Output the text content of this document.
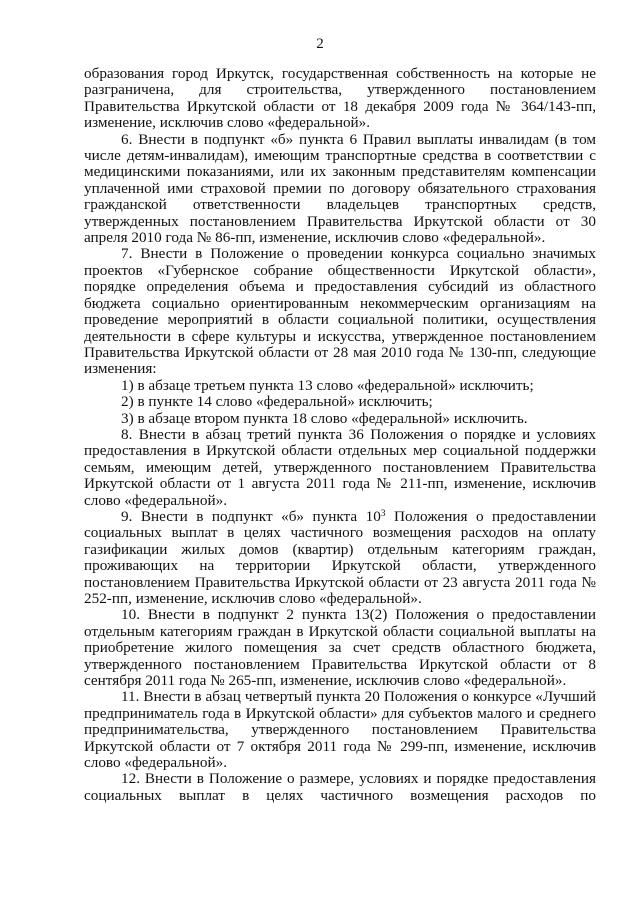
2

образования город Иркутск, государственная собственность на которые не разграничена, для строительства, утвержденного постановлением Правительства Иркутской области от 18 декабря 2009 года № 364/143-пп, изменение, исключив слово «федеральной».

6. Внести в подпункт «б» пункта 6 Правил выплаты инвалидам (в том числе детям-инвалидам), имеющим транспортные средства в соответствии с медицинскими показаниями, или их законным представителям компенсации уплаченной ими страховой премии по договору обязательного страхования гражданской ответственности владельцев транспортных средств, утвержденных постановлением Правительства Иркутской области от 30 апреля 2010 года № 86-пп, изменение, исключив слово «федеральной».

7. Внести в Положение о проведении конкурса социально значимых проектов «Губернское собрание общественности Иркутской области», порядке определения объема и предоставления субсидий из областного бюджета социально ориентированным некоммерческим организациям на проведение мероприятий в области социальной политики, осуществления деятельности в сфере культуры и искусства, утвержденное постановлением Правительства Иркутской области от 28 мая 2010 года № 130-пп, следующие изменения:

1) в абзаце третьем пункта 13 слово «федеральной» исключить;

2) в пункте 14 слово «федеральной» исключить;

3) в абзаце втором пункта 18 слово «федеральной» исключить.

8. Внести в абзац третий пункта 36 Положения о порядке и условиях предоставления в Иркутской области отдельных мер социальной поддержки семьям, имеющим детей, утвержденного постановлением Правительства Иркутской области от 1 августа 2011 года № 211-пп, изменение, исключив слово «федеральной».

9. Внести в подпункт «б» пункта $10^3$ Положения о предоставлении социальных выплат в целях частичного возмещения расходов на оплату газификации жилых домов (квартир) отдельным категориям граждан, проживающих на территории Иркутской области, утвержденного постановлением Правительства Иркутской области от 23 августа 2011 года № 252-пп, изменение, исключив слово «федеральной».

10. Внести в подпункт 2 пункта 13(2) Положения о предоставлении отдельным категориям граждан в Иркутской области социальной выплаты на приобретение жилого помещения за счет средств областного бюджета, утвержденного постановлением Правительства Иркутской области от 8 сентября 2011 года № 265-пп, изменение, исключив слово «федеральной».

11. Внести в абзац четвертый пункта 20 Положения о конкурсе «Лучший предприниматель года в Иркутской области» для субъектов малого и среднего предпринимательства, утвержденного постановлением Правительства Иркутской области от 7 октября 2011 года № 299-пп, изменение, исключив слово «федеральной».

12. Внести в Положение о размере, условиях и порядке предоставления социальных выплат в целях частичного возмещения расходов по
